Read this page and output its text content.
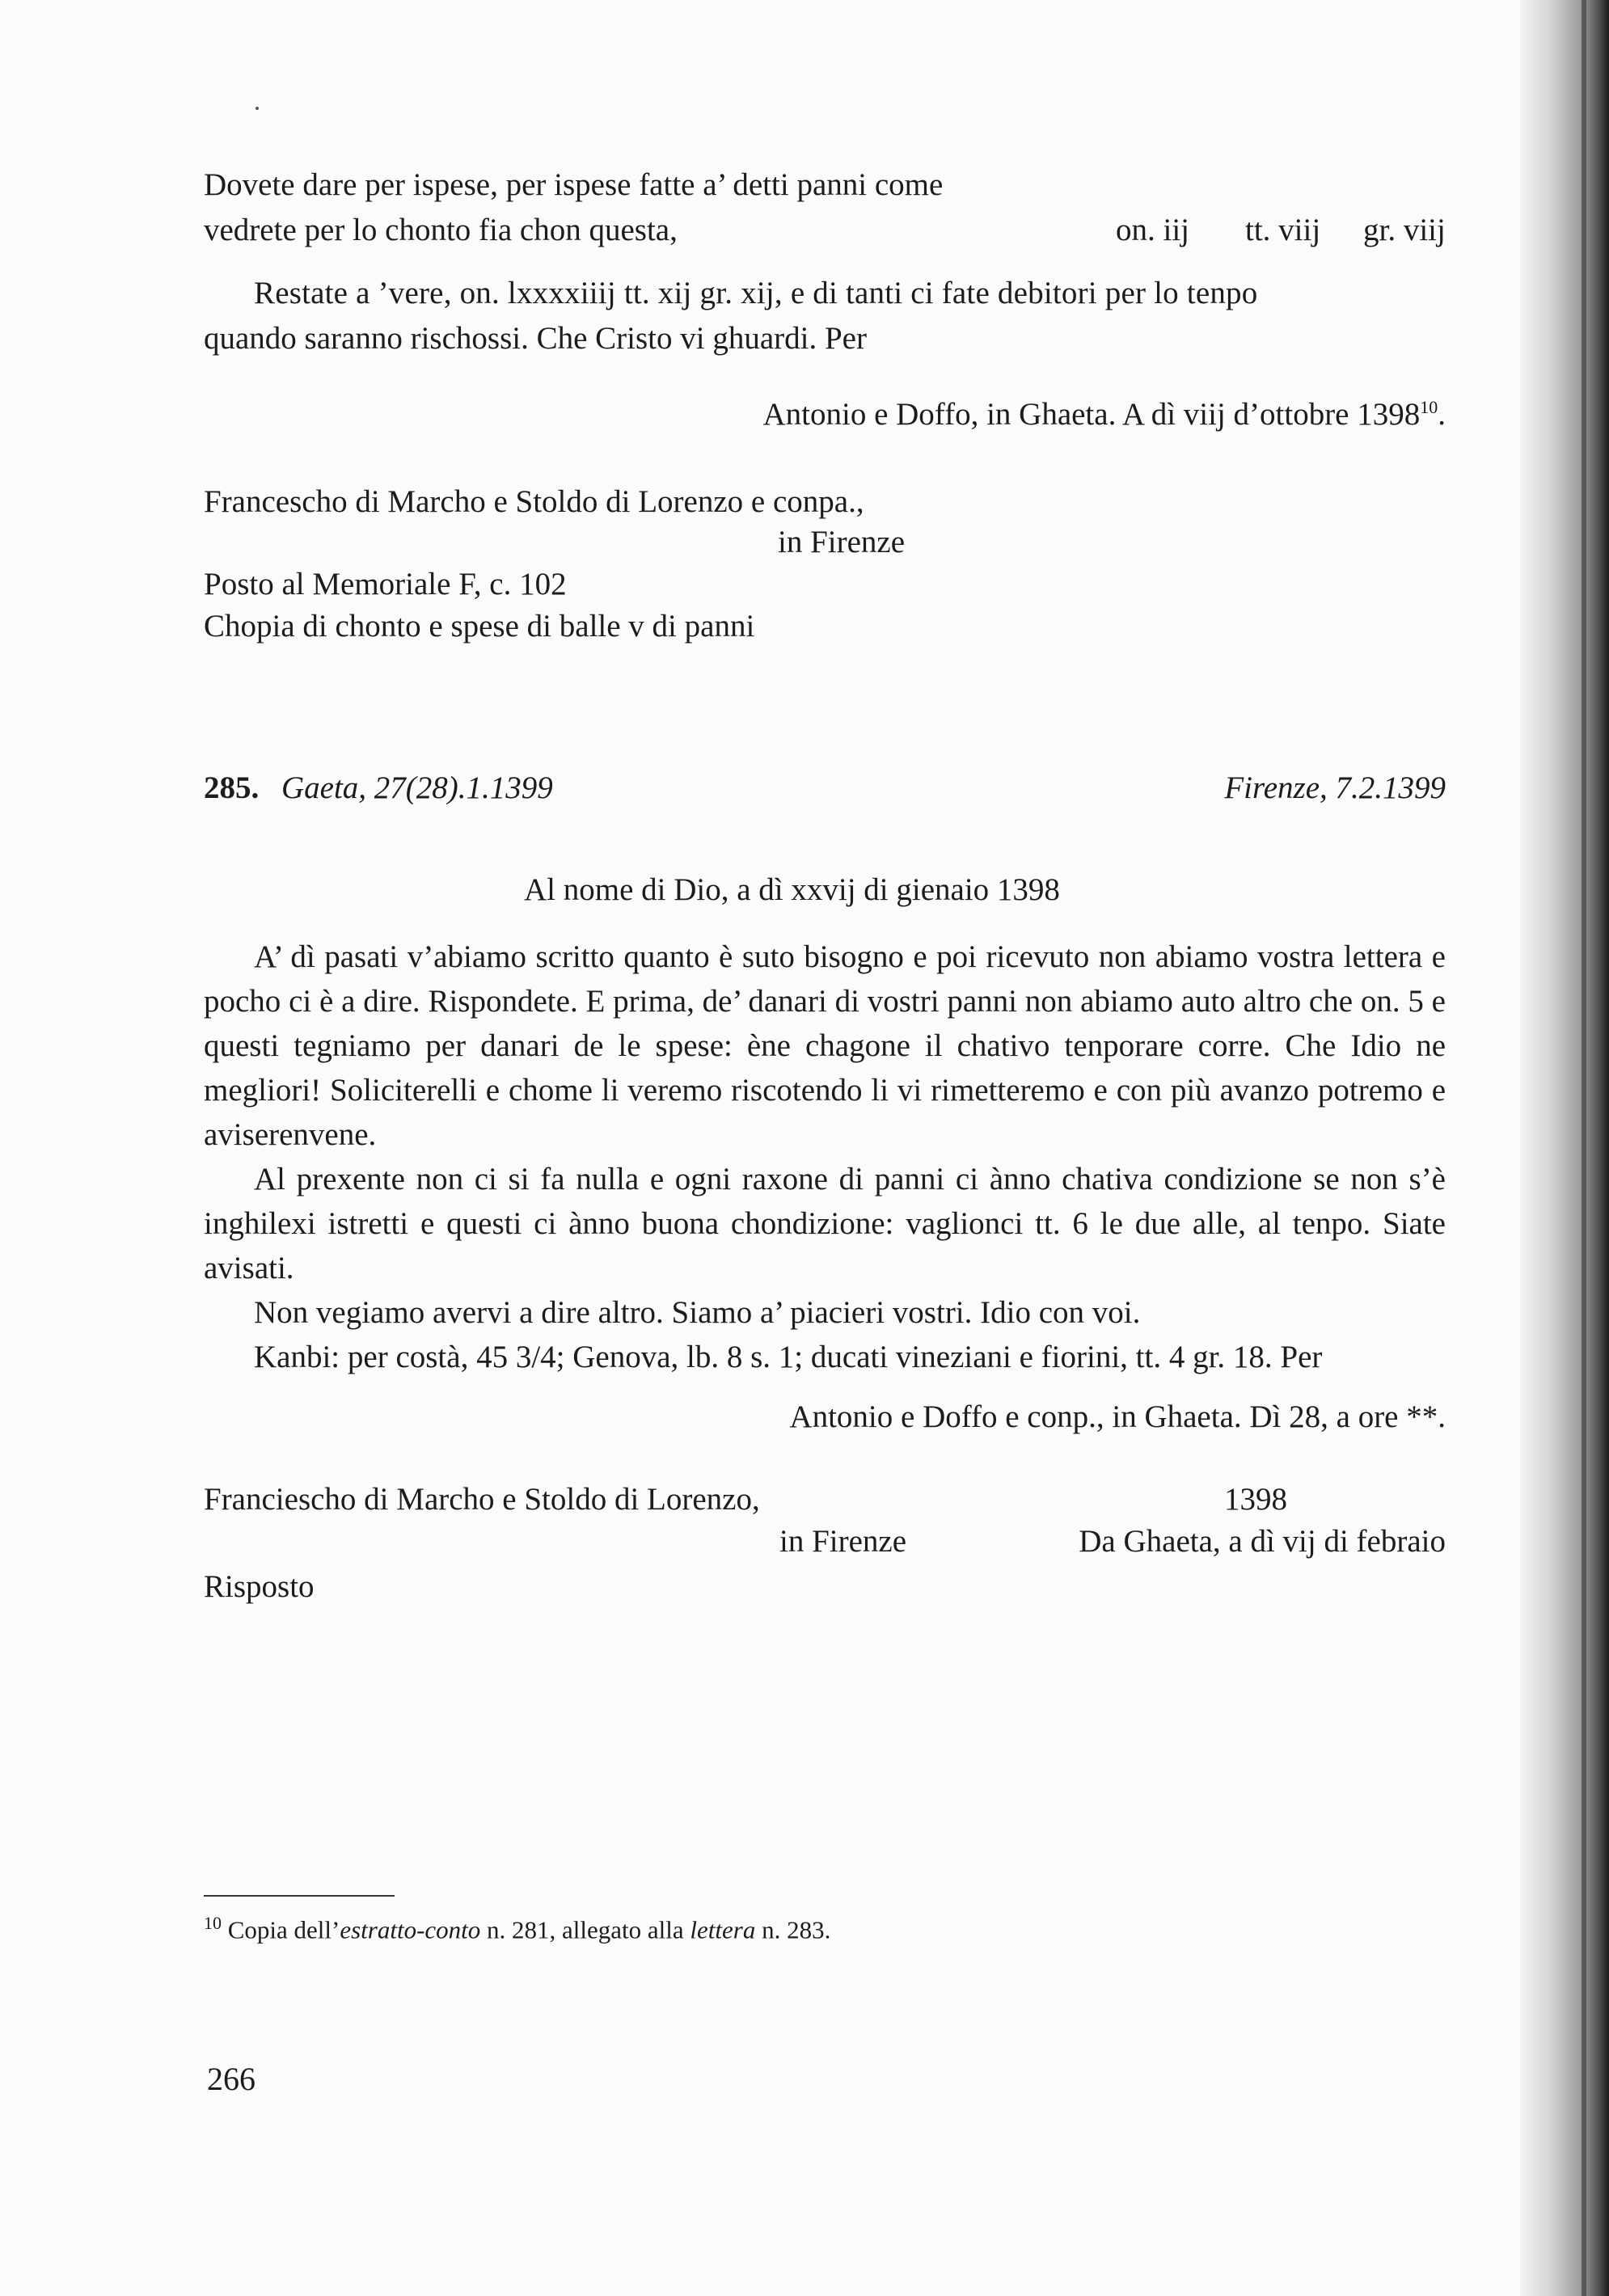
Dovete dare per ispese, per ispese fatte a’ detti panni come
vedrete per lo chonto fia chon questa,	on. iij tt. viij gr. viij
Restate a ’vere, on. lxxxxiiij tt. xij gr. xij, e di tanti ci fate debitori per lo tenpo
quando saranno rischossi. Che Cristo vi ghuardi. Per
Antonio e Doffo, in Ghaeta. A dì viij d’ottobre 1398$^{10}$.
Francescho di Marcho e Stoldo di Lorenzo e conpa.,
in Firenze
Posto al Memoriale F, c. 102
Chopia di chonto e spese di balle v di panni
285. Gaeta, 27(28).1.1399	Firenze, 7.2.1399
Al nome di Dio, a dì xxvij di gienaio 1398
A’ dì pasati v’abiamo scritto quanto è suto bisogno e poi ricevuto non abiamo vostra lettera e pocho ci è a dire. Rispondete. E prima, de’ danari di vostri panni non abiamo auto altro che on. 5 e questi tegniamo per danari de le spese: ène chagone il chativo tenporare corre. Che Idio ne megliori! Soliciterelli e chome li veremo riscotendo li vi rimetteremo e con più avanzo potremo e aviserenvene.
Al prexente non ci si fa nulla e ogni raxone di panni ci ànno chativa condizione se non s’è inghilexi istretti e questi ci ànno buona chondizione: vaglionci tt. 6 le due alle, al tenpo. Siate avisati.
Non vegiamo avervi a dire altro. Siamo a’ piacieri vostri. Idio con voi.
Kanbi: per costà, 45 3/4; Genova, lb. 8 s. 1; ducati vineziani e fiorini, tt. 4 gr. 18. Per
Antonio e Doffo e conp., in Ghaeta. Dì 28, a ore **.
Franciescho di Marcho e Stoldo di Lorenzo,	1398
in Firenze	Da Ghaeta, a dì vij di febraio
Risposto
$^{10}$ Copia dell’estratto-conto n. 281, allegato alla lettera n. 283.
266
